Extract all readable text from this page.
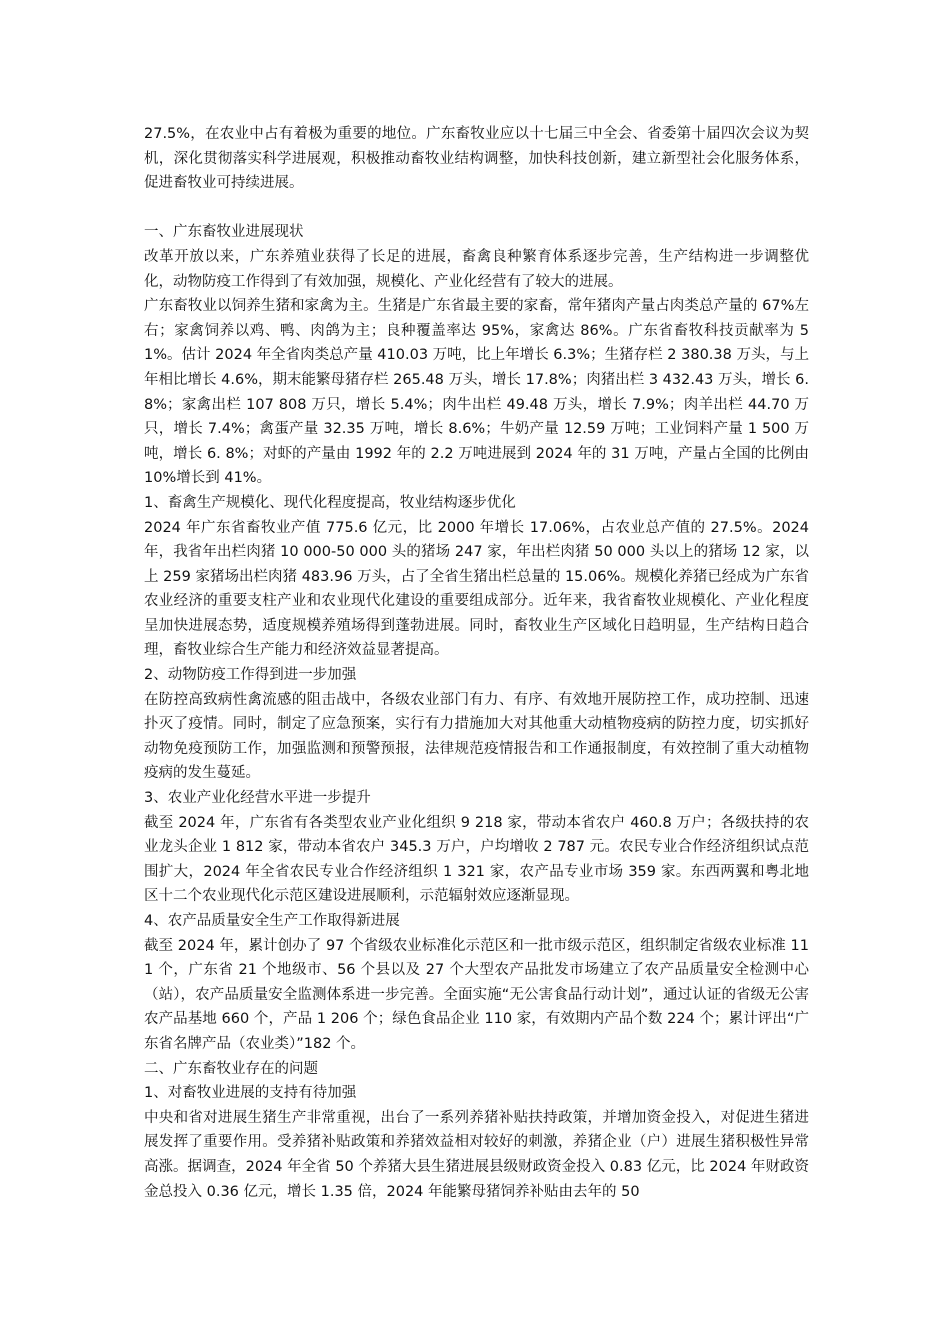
27.5%，在农业中占有着极为重要的地位。广东畜牧业应以十七届三中全会、省委第十届四次会议为契机，深化贯彻落实科学进展观，积极推动畜牧业结构调整，加快科技创新，建立新型社会化服务体系，促进畜牧业可持续进展。

一、广东畜牧业进展现状

改革开放以来，广东养殖业获得了长足的进展，畜禽良种繁育体系逐步完善，生产结构进一步调整优化，动物防疫工作得到了有效加强，规模化、产业化经营有了较大的进展。

广东畜牧业以饲养生猪和家禽为主。生猪是广东省最主要的家畜，常年猪肉产量占肉类总产量的 67%左右；家禽饲养以鸡、鸭、肉鸽为主；良种覆盖率达 95%，家禽达 86%。广东省畜牧科技贡献率为 51%。估计 2024 年全省肉类总产量 410.03 万吨，比上年增长 6.3%；生猪存栏 2 380.38 万头，与上年相比增长 4.6%，期末能繁母猪存栏 265.48 万头，增长 17.8%；肉猪出栏 3 432.43 万头，增长 6.8%；家禽出栏 107 808 万只，增长 5.4%；肉牛出栏 49.48 万头，增长 7.9%；肉羊出栏 44.70 万只，增长 7.4%；禽蛋产量 32.35 万吨，增长 8.6%；牛奶产量 12.59 万吨；工业饲料产量 1 500 万吨，增长 6. 8%；对虾的产量由 1992 年的 2.2 万吨进展到 2024 年的 31 万吨，产量占全国的比例由 10%增长到 41%。

1、畜禽生产规模化、现代化程度提高，牧业结构逐步优化

2024 年广东省畜牧业产值 775.6 亿元，比 2000 年增长 17.06%，占农业总产值的 27.5%。2024 年，我省年出栏肉猪 10 000-50 000 头的猪场 247 家，年出栏肉猪 50 000 头以上的猪场 12 家，以上 259 家猪场出栏肉猪 483.96 万头，占了全省生猪出栏总量的 15.06%。规模化养猪已经成为广东省农业经济的重要支柱产业和农业现代化建设的重要组成部分。近年来，我省畜牧业规模化、产业化程度呈加快进展态势，适度规模养殖场得到蓬勃进展。同时，畜牧业生产区域化日趋明显，生产结构日趋合理，畜牧业综合生产能力和经济效益显著提高。

2、动物防疫工作得到进一步加强

在防控高致病性禽流感的阻击战中，各级农业部门有力、有序、有效地开展防控工作，成功控制、迅速扑灭了疫情。同时，制定了应急预案，实行有力措施加大对其他重大动植物疫病的防控力度，切实抓好动物免疫预防工作，加强监测和预警预报，法律规范疫情报告和工作通报制度，有效控制了重大动植物疫病的发生蔓延。

3、农业产业化经营水平进一步提升

截至 2024 年，广东省有各类型农业产业化组织 9 218 家，带动本省农户 460.8 万户；各级扶持的农业龙头企业 1 812 家，带动本省农户 345.3 万户，户均增收 2 787 元。农民专业合作经济组织试点范围扩大，2024 年全省农民专业合作经济组织 1 321 家，农产品专业市场 359 家。东西两翼和粤北地区十二个农业现代化示范区建设进展顺利，示范辐射效应逐渐显现。

4、农产品质量安全生产工作取得新进展

截至 2024 年，累计创办了 97 个省级农业标准化示范区和一批市级示范区，组织制定省级农业标准 111 个，广东省 21 个地级市、56 个县以及 27 个大型农产品批发市场建立了农产品质量安全检测中心（站），农产品质量安全监测体系进一步完善。全面实施“无公害食品行动计划”，通过认证的省级无公害农产品基地 660 个，产品 1 206 个；绿色食品企业 110 家，有效期内产品个数 224 个；累计评出“广东省名牌产品（农业类）”182 个。

二、广东畜牧业存在的问题

1、对畜牧业进展的支持有待加强

中央和省对进展生猪生产非常重视，出台了一系列养猪补贴扶持政策，并增加资金投入，对促进生猪进展发挥了重要作用。受养猪补贴政策和养猪效益相对较好的刺激，养猪企业（户）进展生猪积极性异常高涨。据调查，2024 年全省 50 个养猪大县生猪进展县级财政资金投入 0.83 亿元，比 2024 年财政资金总投入 0.36 亿元，增长 1.35 倍，2024 年能繁母猪饲养补贴由去年的 50
